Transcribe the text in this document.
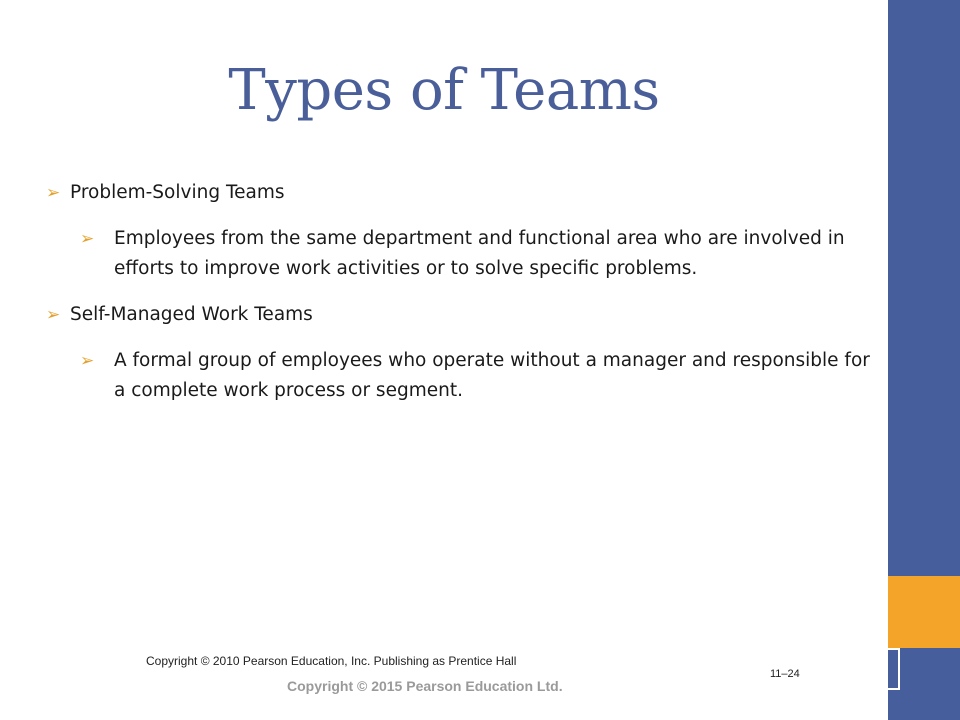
Types of Teams
➢ Problem-Solving Teams
➢ Employees from the same department and functional area who are involved in efforts to improve work activities or to solve specific problems.
➢ Self-Managed Work Teams
➢ A formal group of employees who operate without a manager and responsible for a complete work process or segment.
Copyright © 2010 Pearson Education, Inc. Publishing as Prentice Hall
Copyright © 2015 Pearson Education Ltd.
11–24
